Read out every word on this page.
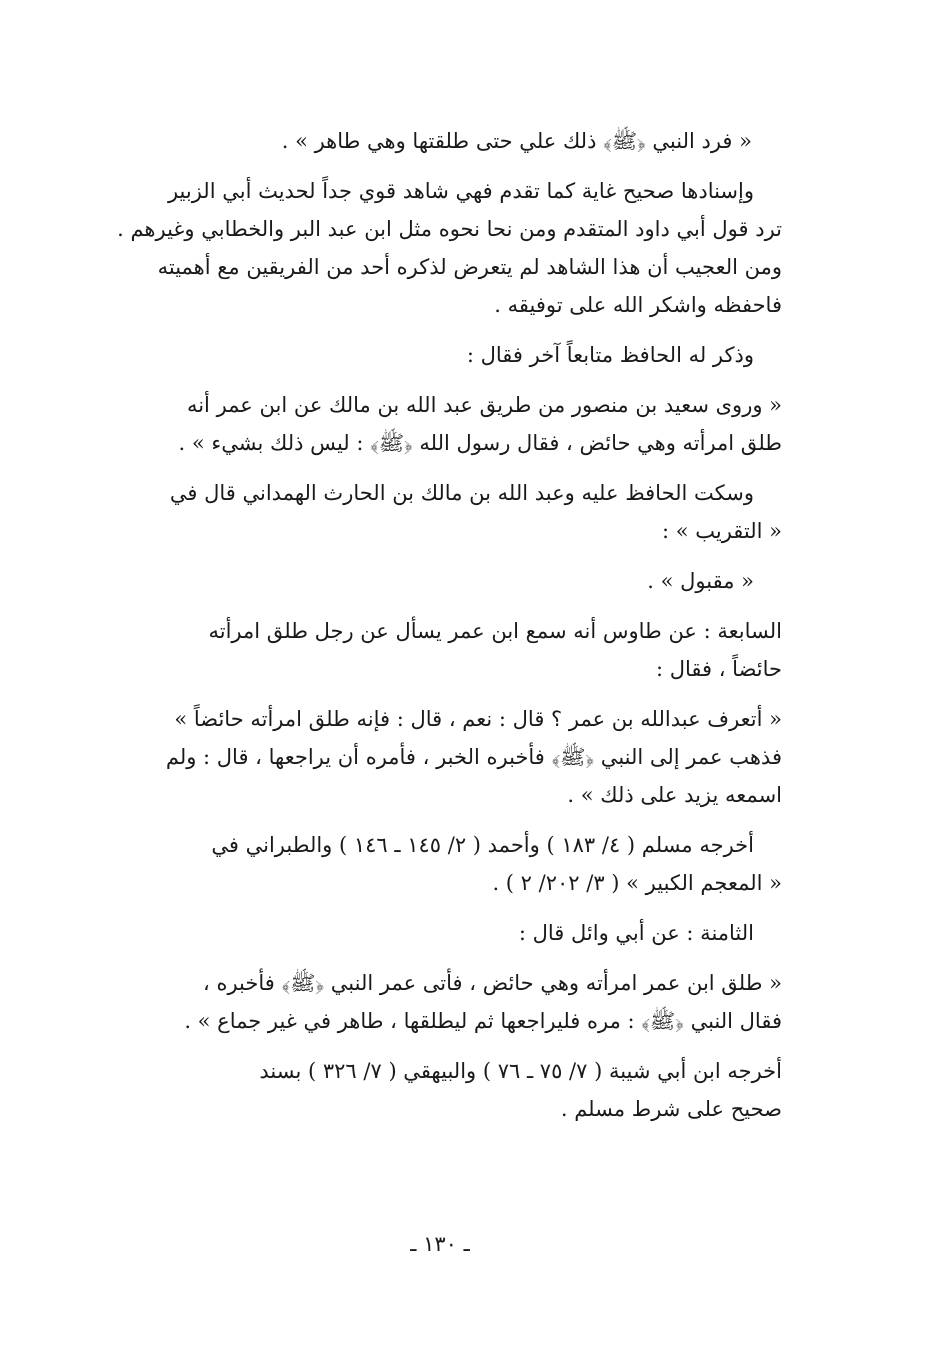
« فرد النبي ﴿ﷺ﴾ ذلك علي حتى طلقتها وهي طاهر » .

وإسنادها صحيح غاية كما تقدم فهي شاهد قوي جداً لحديث أبي الزبير
ترد قول أبي داود المتقدم ومن نحا نحوه مثل ابن عبد البر والخطابي وغيرهم .
ومن العجيب أن هذا الشاهد لم يتعرض لذكره أحد من الفريقين مع أهميته
فاحفظه واشكر الله على توفيقه .

وذكر له الحافظ متابعاً آخر فقال :

« وروى سعيد بن منصور من طريق عبد الله بن مالك عن ابن عمر أنه
طلق امرأته وهي حائض ، فقال رسول الله ﴿ﷺ﴾ : ليس ذلك بشيء » .

وسكت الحافظ عليه وعبد الله بن مالك بن الحارث الهمداني قال في
« التقريب » :

« مقبول » .

السابعة : عن طاوس أنه سمع ابن عمر يسأل عن رجل طلق امرأته
حائضاً ، فقال :

« أتعرف عبدالله بن عمر ؟ قال : نعم ، قال : فإنه طلق امرأته حائضاً »
فذهب عمر إلى النبي ﴿ﷺ﴾ فأخبره الخبر ، فأمره أن يراجعها ، قال : ولم
اسمعه يزيد على ذلك » .

أخرجه مسلم ( ٤/ ١٨٣ ) وأحمد ( ٢/ ١٤٥ ـ ١٤٦ ) والطبراني في
« المعجم الكبير » ( ٣/ ٢٠٢/ ٢ ) .

الثامنة : عن أبي وائل قال :

« طلق ابن عمر امرأته وهي حائض ، فأتى عمر النبي ﴿ﷺ﴾ فأخبره ،
فقال النبي ﴿ﷺ﴾ : مره فليراجعها ثم ليطلقها ، طاهر في غير جماع » .

أخرجه ابن أبي شيبة ( ٧/ ٧٥ ـ ٧٦ ) والبيهقي ( ٧/ ٣٢٦ ) بسند
صحيح على شرط مسلم .

ـ ١٣٠ ـ
